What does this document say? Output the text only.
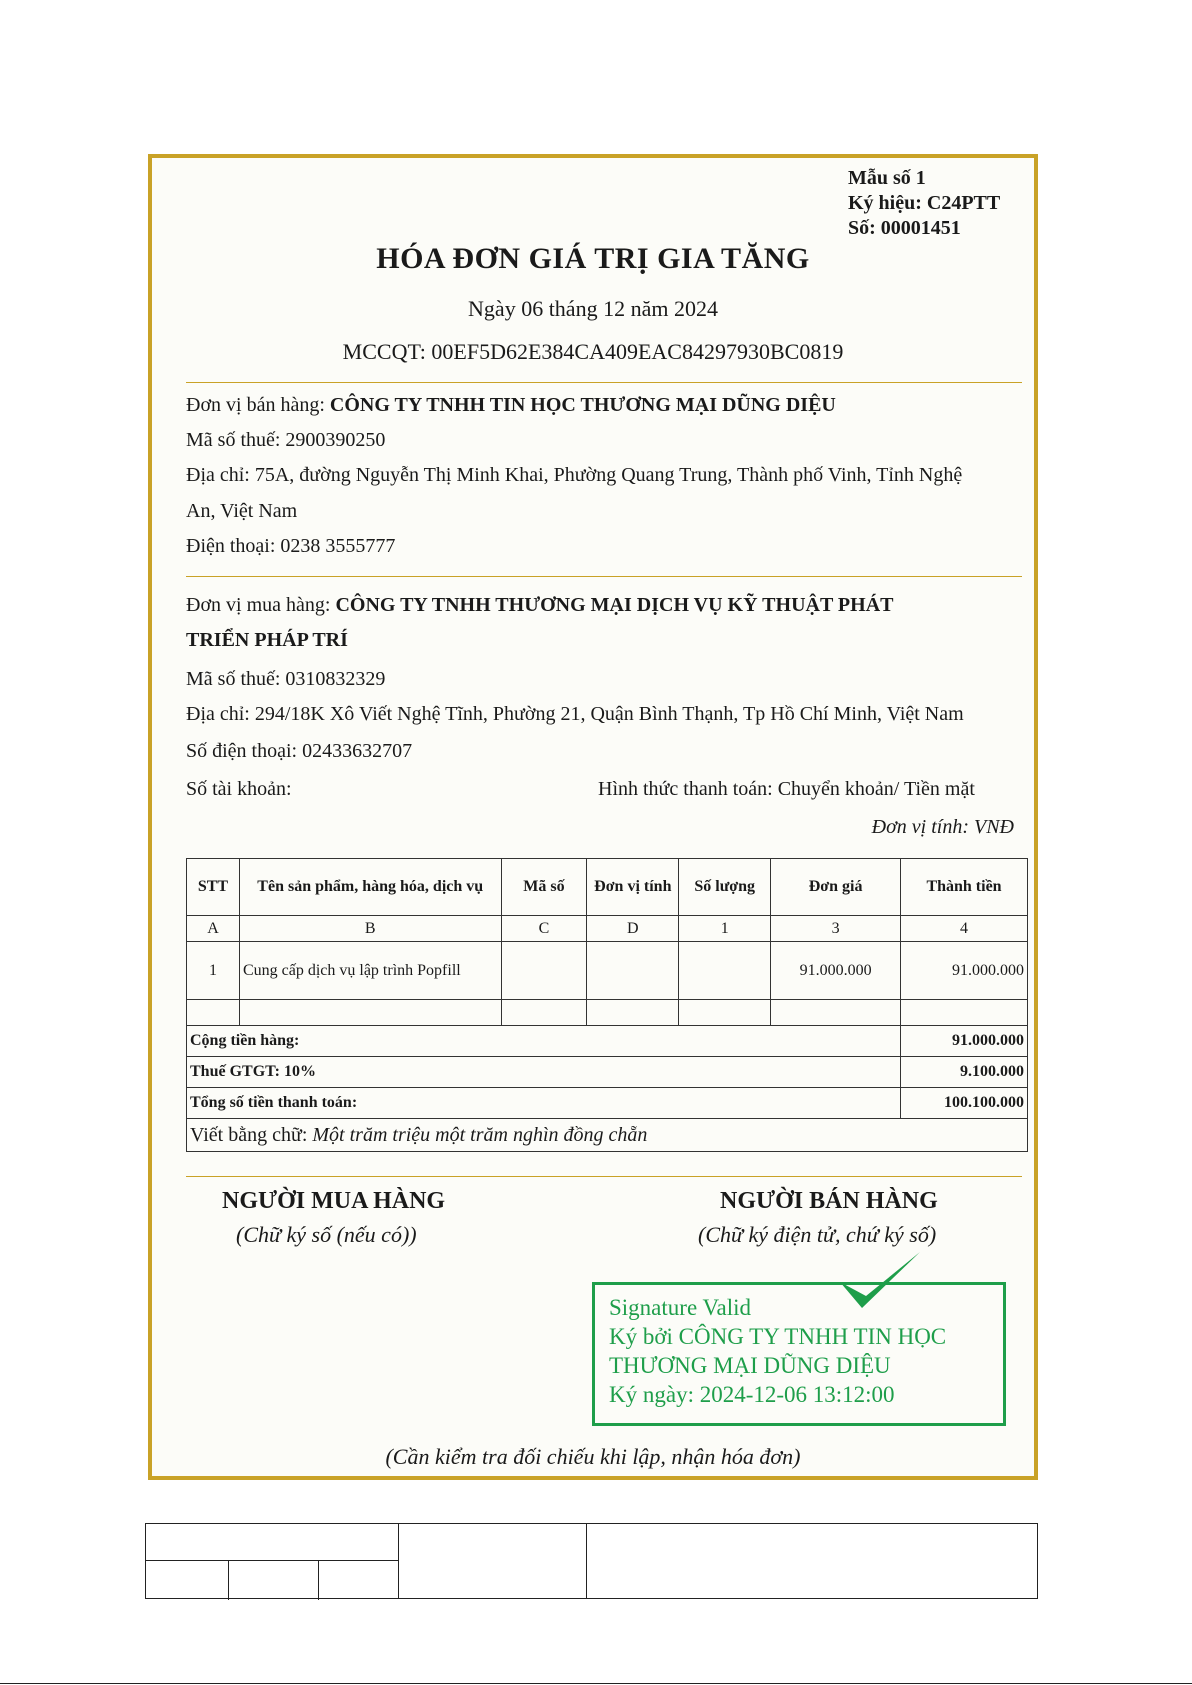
Mẫu số 1
Ký hiệu: C24PTT
Số: 00001451
HÓA ĐƠN GIÁ TRỊ GIA TĂNG
Ngày 06 tháng 12 năm 2024
MCCQT: 00EF5D62E384CA409EAC84297930BC0819
Đơn vị bán hàng: CÔNG TY TNHH TIN HỌC THƯƠNG MẠI DŨNG DIỆU
Mã số thuế: 2900390250
Địa chỉ: 75A, đường Nguyễn Thị Minh Khai, Phường Quang Trung, Thành phố Vinh, Tỉnh Nghệ
An, Việt Nam
Điện thoại: 0238 3555777
Đơn vị mua hàng: CÔNG TY TNHH THƯƠNG MẠI DỊCH VỤ KỸ THUẬT PHÁT
TRIỂN PHÁP TRÍ
Mã số thuế: 0310832329
Địa chỉ: 294/18K Xô Viết Nghệ Tĩnh, Phường 21, Quận Bình Thạnh, Tp Hồ Chí Minh, Việt Nam
Số điện thoại: 02433632707
Số tài khoản:	Hình thức thanh toán: Chuyển khoản/ Tiền mặt
Đơn vị tính: VNĐ
STT	Tên sản phẩm, hàng hóa, dịch vụ	Mã số	Đơn vị tính	Số lượng	Đơn giá	Thành tiền
A	B	C	D	1	3	4
1	Cung cấp dịch vụ lập trình Popfill				91.000.000	91.000.000

Cộng tiền hàng:						91.000.000
Thuế GTGT: 10%						9.100.000
Tổng số tiền thanh toán:						100.100.000
Viết bằng chữ: Một trăm triệu một trăm nghìn đồng chẵn						
NGƯỜI MUA HÀNG
(Chữ ký số (nếu có))
NGƯỜI BÁN HÀNG
(Chữ ký điện tử, chứ ký số)
Signature Valid
Ký bởi CÔNG TY TNHH TIN HỌC
THƯƠNG MẠI DŨNG DIỆU
Ký ngày: 2024-12-06 13:12:00
(Cần kiểm tra đối chiếu khi lập, nhận hóa đơn)
